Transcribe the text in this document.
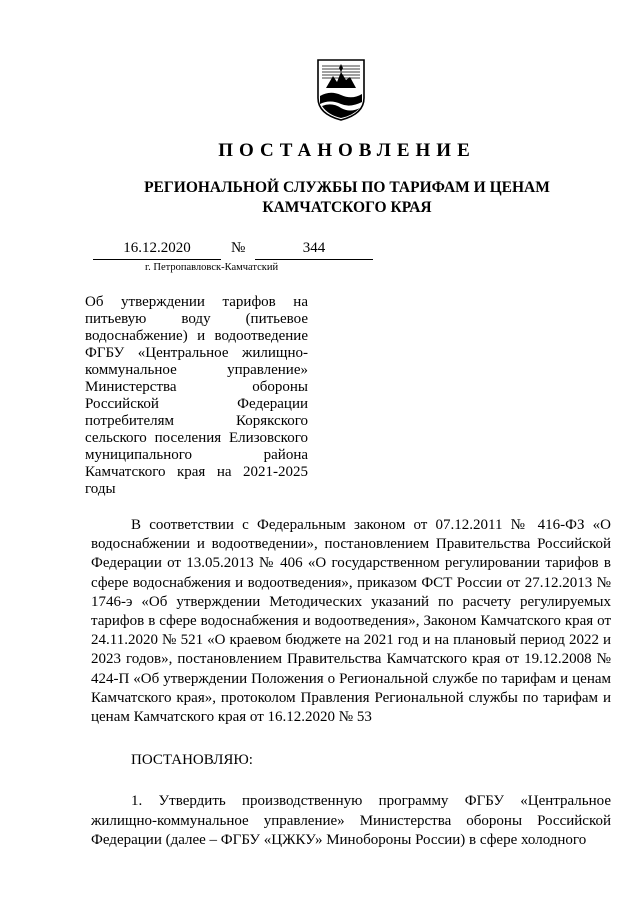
ПОСТАНОВЛЕНИЕ
РЕГИОНАЛЬНОЙ СЛУЖБЫ ПО ТАРИФАМ И ЦЕНАМ
КАМЧАТСКОГО КРАЯ
16.12.2020	№	344
г. Петропавловск-Камчатский
Об утверждении тарифов на питьевую воду (питьевое водоснабжение) и водоотведение ФГБУ «Центральное жилищно-коммунальное управление» Министерства обороны Российской Федерации потребителям Корякского сельского поселения Елизовского муниципального района Камчатского края на 2021-2025 годы

В соответствии с Федеральным законом от 07.12.2011 № 416-ФЗ «О водоснабжении и водоотведении», постановлением Правительства Российской Федерации от 13.05.2013 № 406 «О государственном регулировании тарифов в сфере водоснабжения и водоотведения», приказом ФСТ России от 27.12.2013 № 1746-э «Об утверждении Методических указаний по расчету регулируемых тарифов в сфере водоснабжения и водоотведения», Законом Камчатского края от 24.11.2020 № 521 «О краевом бюджете на 2021 год и на плановый период 2022 и 2023 годов», постановлением Правительства Камчатского края от 19.12.2008 № 424-П «Об утверждении Положения о Региональной службе по тарифам и ценам Камчатского края», протоколом Правления Региональной службы по тарифам и ценам Камчатского края от 16.12.2020 № 53

ПОСТАНОВЛЯЮ:

1. Утвердить производственную программу ФГБУ «Центральное жилищно-коммунальное управление» Министерства обороны Российской Федерации (далее – ФГБУ «ЦЖКУ» Минобороны России) в сфере холодного
